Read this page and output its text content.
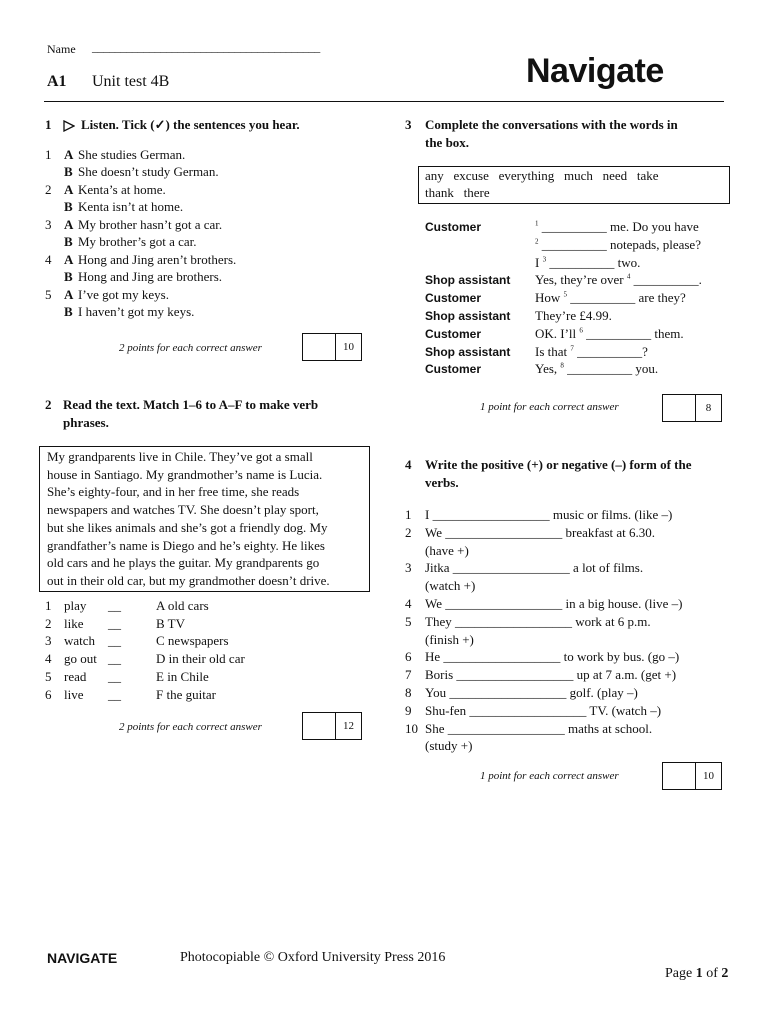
Name ________________________________________
A1 Unit test 4B	Navigate
1 Listen. Tick (✓) the sentences you hear.
1 A She studies German.
B She doesn’t study German.
2 A Kenta’s at home.
B Kenta isn’t at home.
3 A My brother hasn’t got a car.
B My brother’s got a car.
4 A Hong and Jing aren’t brothers.
B Hong and Jing are brothers.
5 A I’ve got my keys.
B I haven’t got my keys.
2 points for each correct answer	10
2 Read the text. Match 1–6 to A–F to make verb
phrases.
My grandparents live in Chile. They’ve got a small
house in Santiago. My grandmother’s name is Lucia.
She’s eighty-four, and in her free time, she reads
newspapers and watches TV. She doesn’t play sport,
but she likes animals and she’s got a friendly dog. My
grandfather’s name is Diego and he’s eighty. He likes
old cars and he plays the guitar. My grandparents go
out in their old car, but my grandmother doesn’t drive.
1 play __	A old cars
2 like __	B TV
3 watch __	C newspapers
4 go out __	D in their old car
5 read __	E in Chile
6 live __	F the guitar
2 points for each correct answer	12
3 Complete the conversations with the words in
the box.
any   excuse   everything   much   need   take
thank   there
Customer	$^1$ __________ me. Do you have
$^2$ __________ notepads, please?
I $^3$ __________ two.
Shop assistant Yes, they’re over $^4$ __________.
Customer	How $^5$ __________ are they?
Shop assistant They’re £4.99.
Customer	OK. I’ll $^6$ __________ them.
Shop assistant Is that $^7$ __________?
Customer	Yes, $^8$ __________ you.
1 point for each correct answer	8
4 Write the positive (+) or negative (–) form of the
verbs.
1 I __________________ music or films. (like –)
2 We __________________ breakfast at 6.30.
(have +)
3 Jitka __________________ a lot of films.
(watch +)
4 We __________________ in a big house. (live –)
5 They __________________ work at 6 p.m.
(finish +)
6 He __________________ to work by bus. (go –)
7 Boris __________________ up at 7 a.m. (get +)
8 You __________________ golf. (play –)
9 Shu-fen __________________ TV. (watch –)
10 She __________________ maths at school.
(study +)
1 point for each correct answer	10
NAVIGATE	Photocopiable © Oxford University Press 2016

Page 1 of 2
